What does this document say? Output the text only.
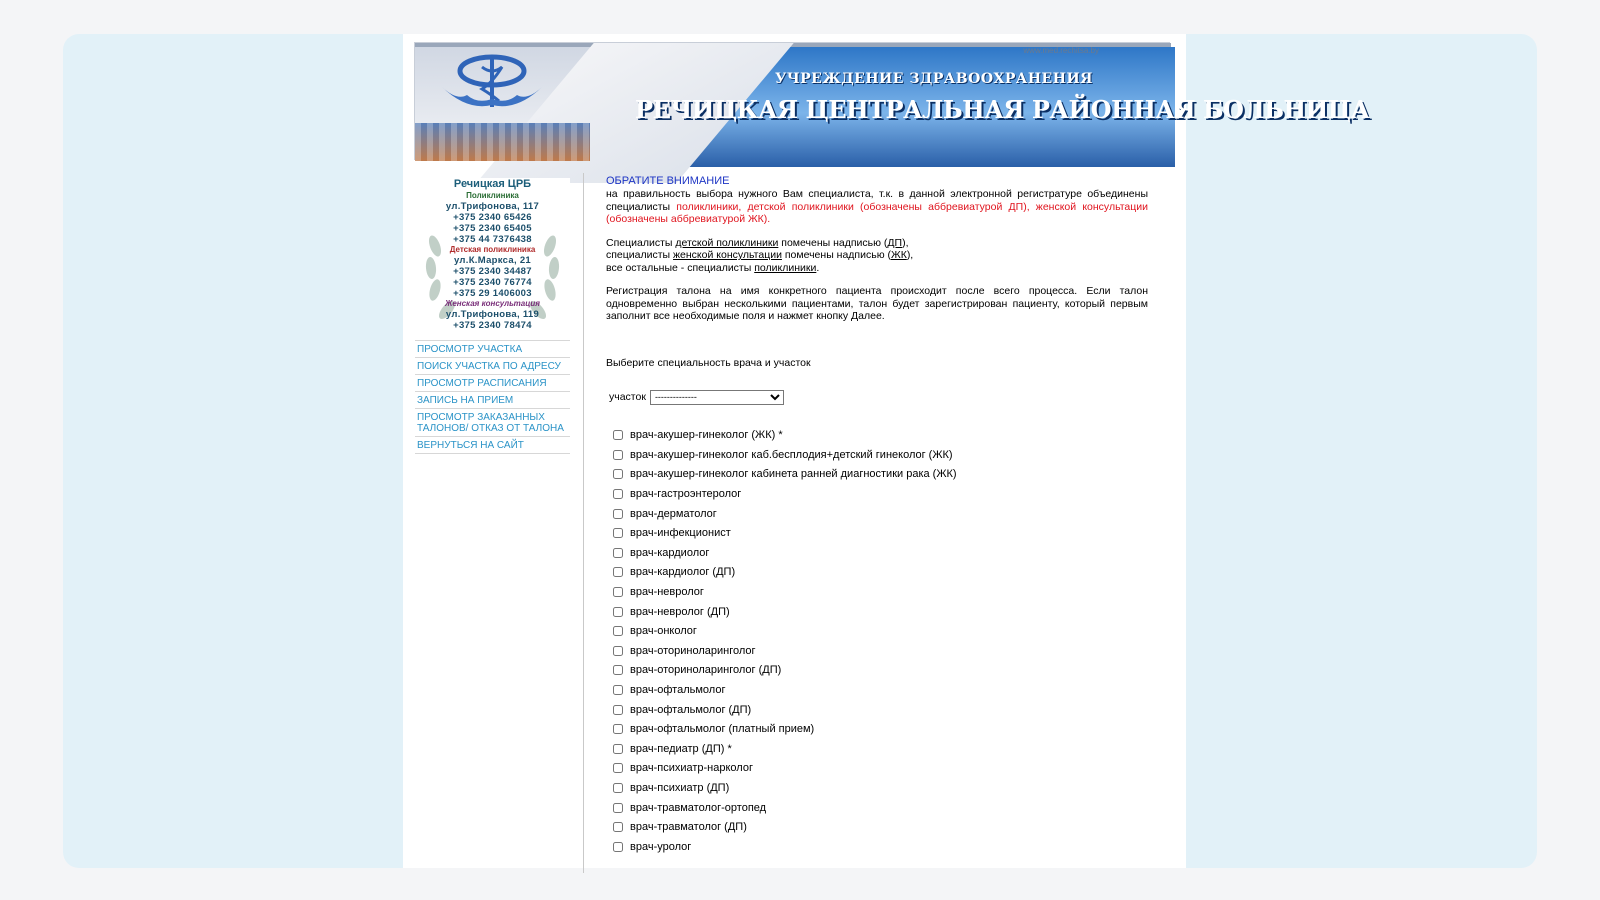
www.med.rechitsa.by
УЧРЕЖДЕНИЕ ЗДРАВООХРАНЕНИЯ
РЕЧИЦКАЯ ЦЕНТРАЛЬНАЯ РАЙОННАЯ БОЛЬНИЦА
Речицкая ЦРБ
Поликлиника
ул.Трифонова, 117
+375 2340 65426
+375 2340 65405
+375 44 7376438
Детская поликлиника
ул.К.Маркса, 21
+375 2340 34487
+375 2340 76774
+375 29 1406003
Женская консультация
ул.Трифонова, 119
+375 2340 78474
ПРОСМОТР УЧАСТКА
ПОИСК УЧАСТКА ПО АДРЕСУ
ПРОСМОТР РАСПИСАНИЯ
ЗАПИСЬ НА ПРИЕМ
ПРОСМОТР ЗАКАЗАННЫХ ТАЛОНОВ/ ОТКАЗ ОТ ТАЛОНА
ВЕРНУТЬСЯ НА САЙТ
ОБРАТИТЕ ВНИМАНИЕ

на правильность выбора нужного Вам специалиста, т.к. в данной электронной регистратуре объединены специалисты поликлиники, детской поликлиники (обозначены аббревиатурой ДП), женской консультации (обозначены аббревиатурой ЖК).

Специалисты детской поликлиники помечены надписью (ДП),
специалисты женской консультации помечены надписью (ЖК),
все остальные - специалисты поликлиники.

Регистрация талона на имя конкретного пациента происходит после всего процесса. Если талон одновременно выбран несколькими пациентами, талон будет зарегистрирован пациенту, который первым заполнит все необходимые поля и нажмет кнопку Далее.

Выберите специальность врача и участок
участок
--------------
врач-акушер-гинеколог (ЖК) *
врач-акушер-гинеколог каб.бесплодия+детский гинеколог (ЖК)
врач-акушер-гинеколог кабинета ранней диагностики рака (ЖК)
врач-гастроэнтеролог
врач-дерматолог
врач-инфекционист
врач-кардиолог
врач-кардиолог (ДП)
врач-невролог
врач-невролог (ДП)
врач-онколог
врач-оториноларинголог
врач-оториноларинголог (ДП)
врач-офтальмолог
врач-офтальмолог (ДП)
врач-офтальмолог (платный прием)
врач-педиатр (ДП) *
врач-психиатр-нарколог
врач-психиатр (ДП)
врач-травматолог-ортопед
врач-травматолог (ДП)
врач-уролог
